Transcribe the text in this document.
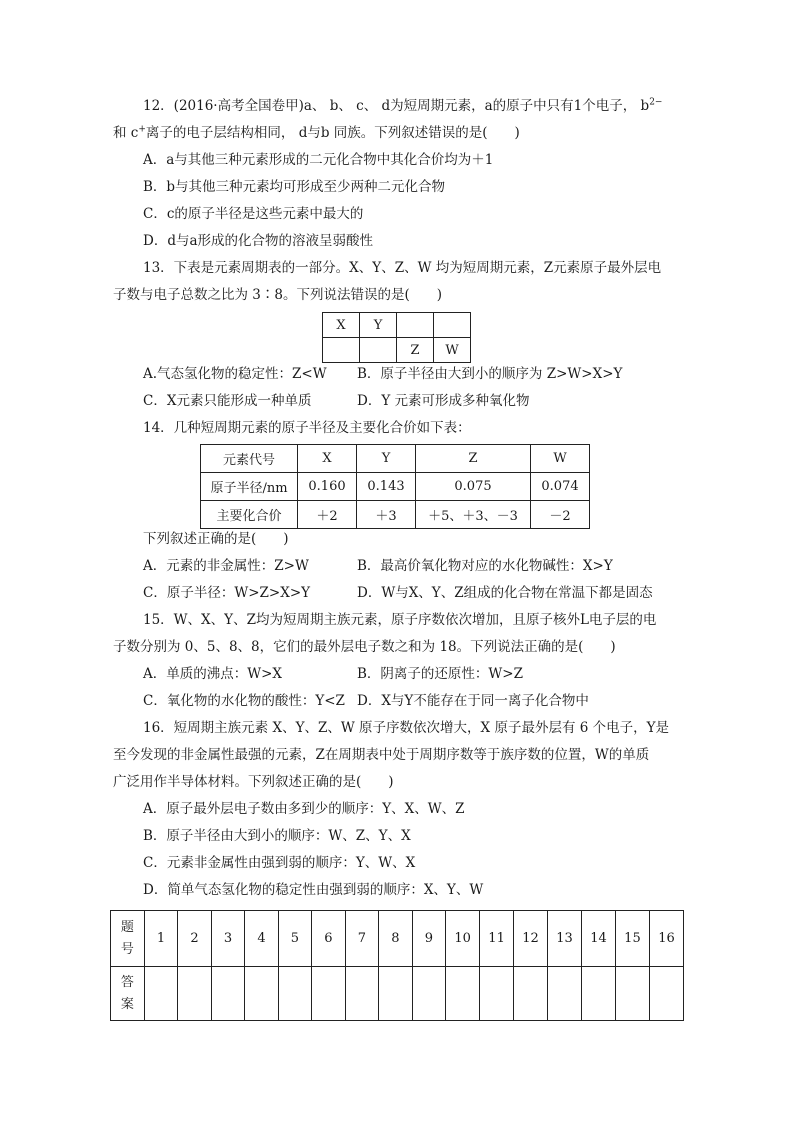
12．(2016·高考全国卷甲)a、 b、 c、 d为短周期元素，a的原子中只有1个电子， $b^{2-}$
和 c+离子的电子层结构相同， d与b 同族。下列叙述错误的是(　　)
A．a与其他三种元素形成的二元化合物中其化合价均为＋1
B．b与其他三种元素均可形成至少两种二元化合物
C．c的原子半径是这些元素中最大的
D．d与a形成的化合物的溶液呈弱酸性
13．下表是元素周期表的一部分。X、Y、Z、W 均为短周期元素，Z元素原子最外层电
子数与电子总数之比为 3∶8。下列说法错误的是(　　)
X	Y		
		Z	W
A.气态氢化物的稳定性：Z<W B．原子半径由大到小的顺序为 Z>W>X>Y
C．X元素只能形成一种单质	D．Y 元素可形成多种氧化物
14．几种短周期元素的原子半径及主要化合价如下表：
元素代号	X	Y	Z	W
原子半径/nm	0.160	0.143	0.075	0.074
主要化合价	＋2	＋3	＋5、＋3、－3	－2
下列叙述正确的是(　　)
A．元素的非金属性：Z>W	B．最高价氧化物对应的水化物碱性：X>Y
C．原子半径：W>Z>X>Y	D．W与X、Y、Z组成的化合物在常温下都是固态
15．W、X、Y、Z均为短周期主族元素，原子序数依次增加，且原子核外L电子层的电
子数分别为 0、5、8、8，它们的最外层电子数之和为 18。下列说法正确的是(　　)
A．单质的沸点：W>X	B．阴离子的还原性：W>Z
C．氧化物的水化物的酸性：Y<Z D．X与Y不能存在于同一离子化合物中
16．短周期主族元素 X、Y、Z、W 原子序数依次增大，X 原子最外层有 6 个电子，Y是
至今发现的非金属性最强的元素，Z在周期表中处于周期序数等于族序数的位置，W的单质
广泛用作半导体材料。下列叙述正确的是(　　)
A．原子最外层电子数由多到少的顺序：Y、X、W、Z
B．原子半径由大到小的顺序：W、Z、Y、X
C．元素非金属性由强到弱的顺序：Y、W、X
D．简单气态氢化物的稳定性由强到弱的顺序：X、Y、W
题
号	1	2	3	4	5	6	7	8	9	10	11	12	13	14	15	16
答
案																
